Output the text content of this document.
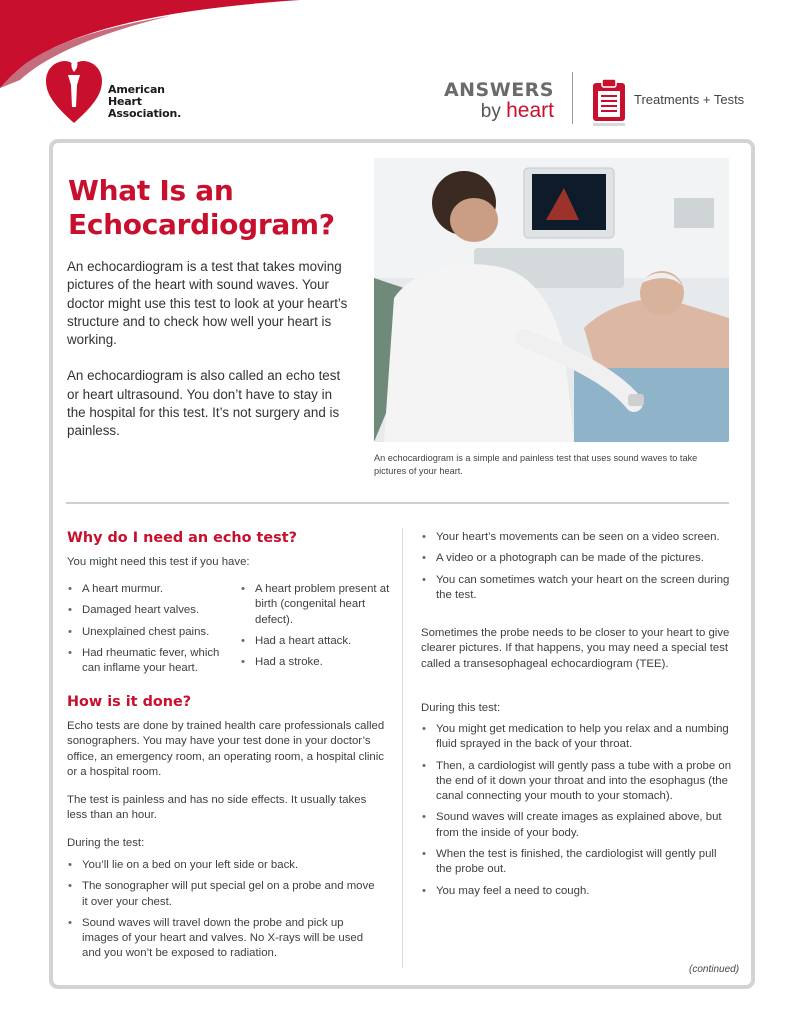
American
Heart
Association.
ANSWERS
by heart	Treatments + Tests
What Is an
Echocardiogram?

An echocardiogram is a test that takes moving pictures of the heart with sound waves. Your doctor might use this test to look at your heart’s structure and to check how well your heart is working.

An echocardiogram is also called an echo test or heart ultrasound. You don’t have to stay in the hospital for this test. It’s not surgery and is painless.

An echocardiogram is a simple and painless test that uses sound waves to take pictures of your heart.

Why do I need an echo test?

You might need this test if you have:

• A heart murmur.
• Damaged heart valves.
• Unexplained chest pains.
• Had rheumatic fever, which can inflame your heart.
• A heart problem present at birth (congenital heart defect).
• Had a heart attack.
• Had a stroke.
How is it done?

Echo tests are done by trained health care professionals called sonographers. You may have your test done in your doctor’s office, an emergency room, an operating room, a hospital clinic or a hospital room.

The test is painless and has no side effects. It usually takes less than an hour.

During the test:

• You’ll lie on a bed on your left side or back.
• The sonographer will put special gel on a probe and move it over your chest.
• Sound waves will travel down the probe and pick up images of your heart and valves. No X-rays will be used and you won’t be exposed to radiation.
• Your heart’s movements can be seen on a video screen.
• A video or a photograph can be made of the pictures.
• You can sometimes watch your heart on the screen during the test.

Sometimes the probe needs to be closer to your heart to give clearer pictures. If that happens, you may need a special test called a transesophageal echocardiogram (TEE).

During this test:

• You might get medication to help you relax and a numbing fluid sprayed in the back of your throat.
• Then, a cardiologist will gently pass a tube with a probe on the end of it down your throat and into the esophagus (the canal connecting your mouth to your stomach).
• Sound waves will create images as explained above, but from the inside of your body.
• When the test is finished, the cardiologist will gently pull the probe out.
• You may feel a need to cough.
(continued)
